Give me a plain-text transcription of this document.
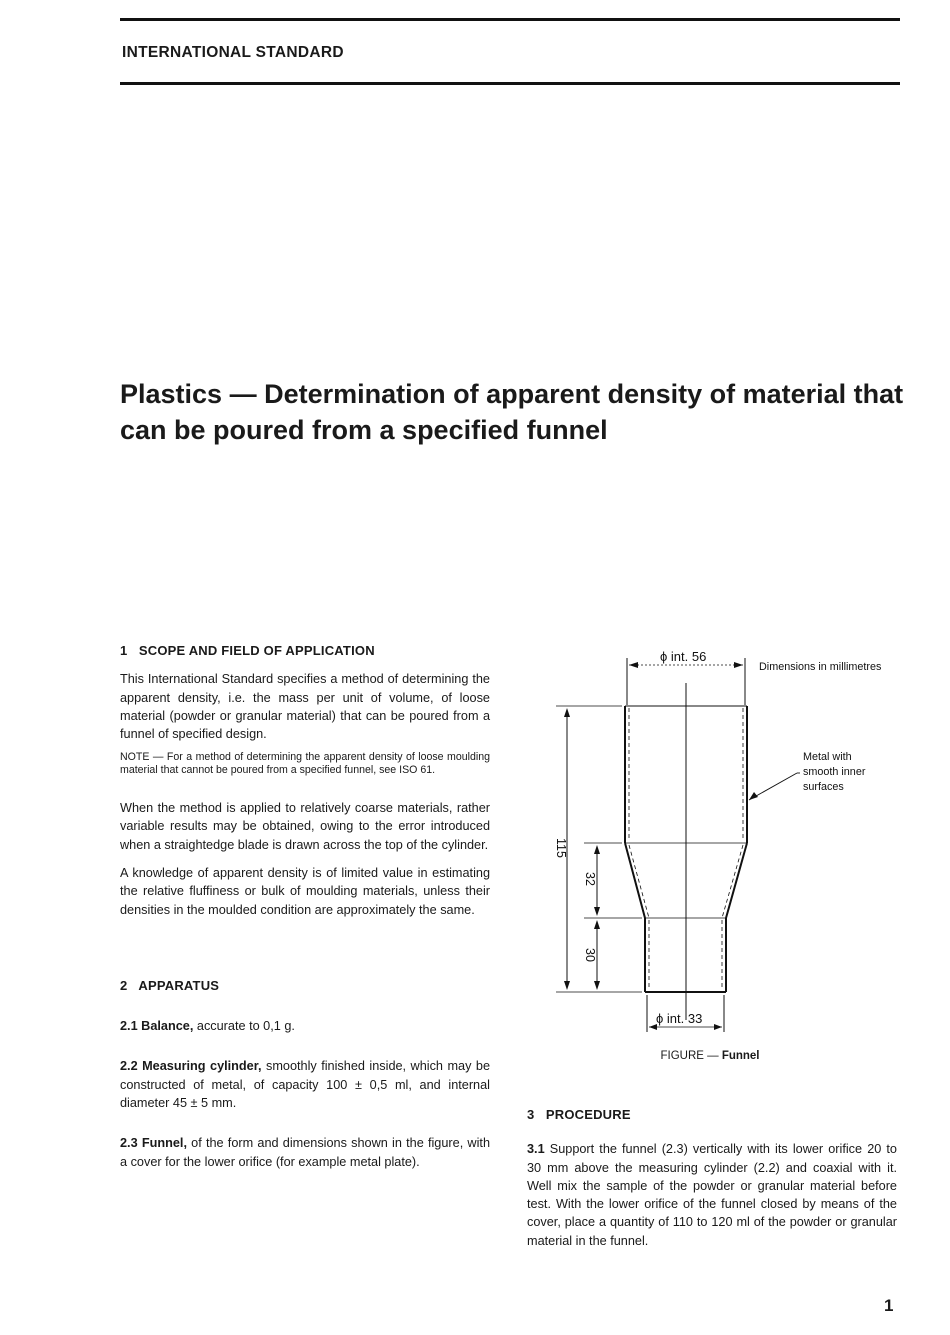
INTERNATIONAL STANDARD
Plastics — Determination of apparent density of material that can be poured from a specified funnel
1   SCOPE AND FIELD OF APPLICATION

This International Standard specifies a method of determining the apparent density, i.e. the mass per unit of volume, of loose material (powder or granular material) that can be poured from a funnel of specified design.

NOTE — For a method of determining the apparent density of loose moulding material that cannot be poured from a specified funnel, see ISO 61.

When the method is applied to relatively coarse materials, rather variable results may be obtained, owing to the error introduced when a straightedge blade is drawn across the top of the cylinder.

A knowledge of apparent density is of limited value in estimating the relative fluffiness or bulk of moulding materials, unless their densities in the moulded condition are approximately the same.

2   APPARATUS

2.1 Balance, accurate to 0,1 g.

2.2 Measuring cylinder, smoothly finished inside, which may be constructed of metal, of capacity 100 ± 0,5 ml, and internal diameter 45 ± 5 mm.

2.3 Funnel, of the form and dimensions shown in the figure, with a cover for the lower orifice (for example metal plate).

ϕ int. 56
Dimensions in millimetres
Metal with
smooth inner
surfaces
115
32
30
ϕ int. 33
FIGURE — Funnel
3   PROCEDURE

3.1 Support the funnel (2.3) vertically with its lower orifice 20 to 30 mm above the measuring cylinder (2.2) and coaxial with it. Well mix the sample of the powder or granular material before test. With the lower orifice of the funnel closed by means of the cover, place a quantity of 110 to 120 ml of the powder or granular material in the funnel.

1
